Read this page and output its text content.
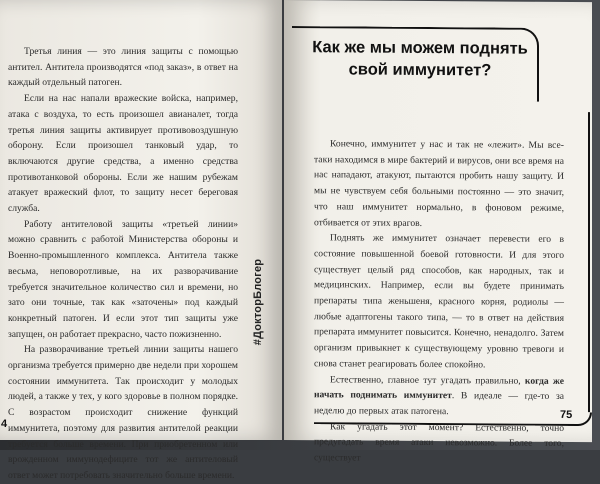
Третья линия — это линия защиты с помощью антител. Антитела производятся «под заказ», в ответ на каждый отдельный патоген.

Если на нас напали вражеские войска, например, атака с воздуха, то есть произошел авианалет, тогда третья линия защиты активирует противовоздушную оборону. Если произошел танковый удар, то включаются другие средства, а именно средства противотанковой обороны. Если же нашим рубежам атакует вражеский флот, то защиту несет береговая служба.

Работу антителовой защиты «третьей линии» можно сравнить с работой Министерства обороны и Военно-промышленного комплекса. Антитела также весьма, неповоротливые, на их разворачивание требуется значительное количество сил и времени, но зато они точные, так как «заточены» под каждый конкретный патоген. И если этот тип защиты уже запущен, он работает прекрасно, часто пожизненно.

На разворачивание третьей линии защиты нашего организма требуется примерно две недели при хорошем состоянии иммунитета. Так происходит у молодых людей, а также у тех, у кого здоровье в полном порядке. С возрастом происходит снижение функций иммунитета, поэтому для развития антителой реакции требуется больше времени. При приобретенном или врожденном иммунодефиците тот же антителовый ответ может потребовать значительно больше времени.

#ДокторБлогер
4
Как же мы можем поднять свой иммунитет?

Конечно, иммунитет у нас и так не «лежит». Мы все-таки находимся в мире бактерий и вирусов, они все время на нас нападают, атакуют, пытаются пробить нашу защиту. И мы не чувствуем себя больными постоянно — это значит, что наш иммунитет нормально, в фоновом режиме, отбивается от этих врагов.

Поднять же иммунитет означает перевести его в состояние повышенной боевой готовности. И для этого существует целый ряд способов, как народных, так и медицинских. Например, если вы будете принимать препараты типа женьшеня, красного корня, родиолы — любые адаптогены такого типа, — то в ответ на действия препарата иммунитет повысится. Конечно, ненадолго. Затем организм привыкнет к существующему уровню тревоги и снова станет реагировать более спокойно.

Естественно, главное тут угадать правильно, когда же начать поднимать иммунитет. В идеале — где-то за неделю до первых атак патогена.

Как угадать этот момент? Естественно, точно предугадать время атаки невозможно. Более того, существует

75
